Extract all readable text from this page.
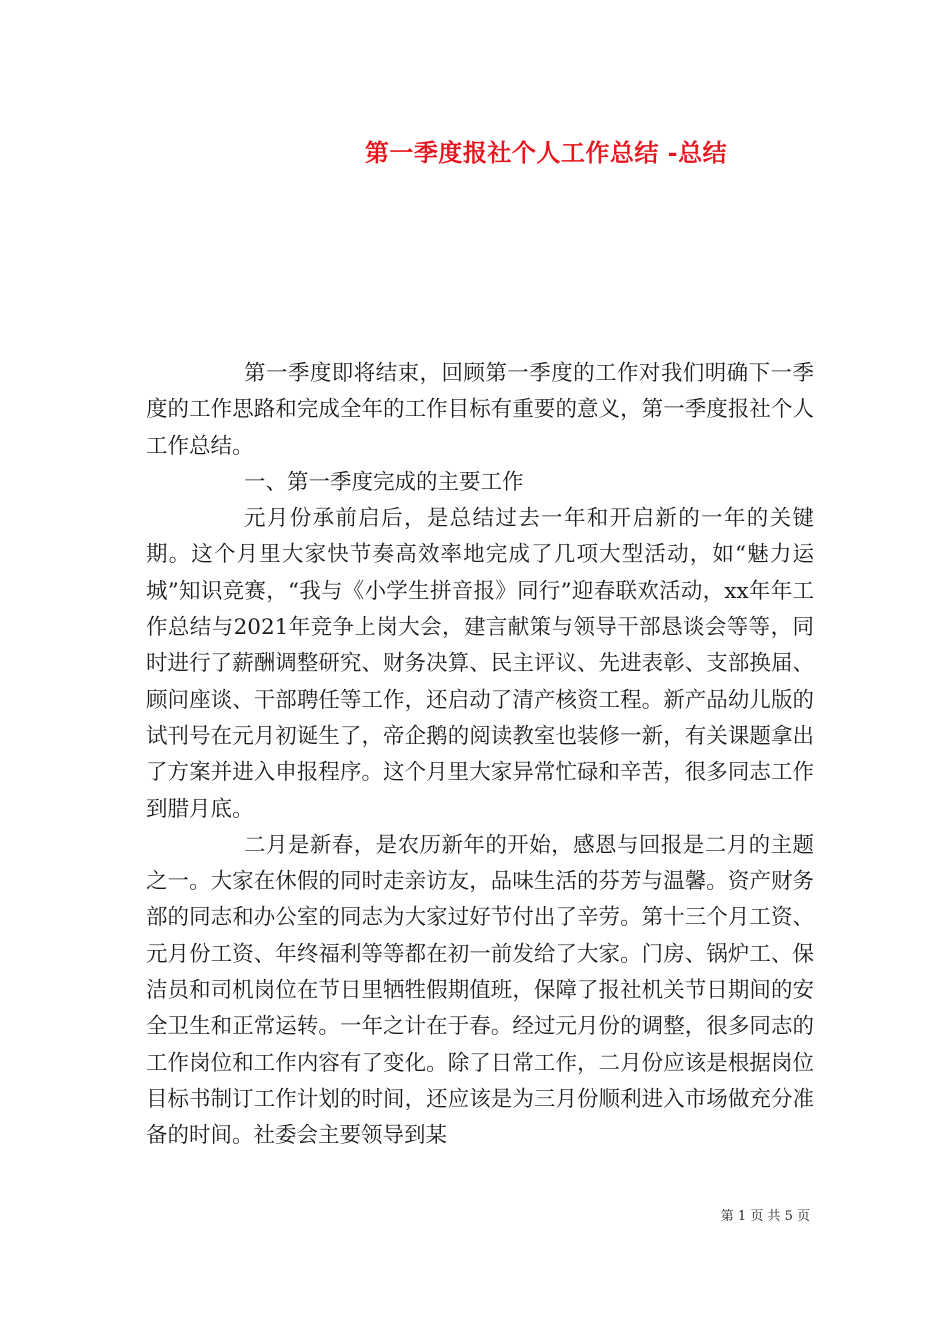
第一季度报社个人工作总结 -总结

第一季度即将结束，回顾第一季度的工作对我们明确下一季度的工作思路和完成全年的工作目标有重要的意义，第一季度报社个人工作总结。

一、第一季度完成的主要工作

元月份承前启后，是总结过去一年和开启新的一年的关键期。这个月里大家快节奏高效率地完成了几项大型活动，如“魅力运城”知识竞赛，“我与《小学生拼音报》同行”迎春联欢活动，xx年年工作总结与2021年竞争上岗大会，建言献策与领导干部恳谈会等等，同时进行了薪酬调整研究、财务决算、民主评议、先进表彰、支部换届、顾问座谈、干部聘任等工作，还启动了清产核资工程。新产品幼儿版的试刊号在元月初诞生了，帝企鹅的阅读教室也装修一新，有关课题拿出了方案并进入申报程序。这个月里大家异常忙碌和辛苦，很多同志工作到腊月底。

二月是新春，是农历新年的开始，感恩与回报是二月的主题之一。大家在休假的同时走亲访友，品味生活的芬芳与温馨。资产财务部的同志和办公室的同志为大家过好节付出了辛劳。第十三个月工资、元月份工资、年终福利等等都在初一前发给了大家。门房、锅炉工、保洁员和司机岗位在节日里牺牲假期值班，保障了报社机关节日期间的安全卫生和正常运转。一年之计在于春。经过元月份的调整，很多同志的工作岗位和工作内容有了变化。除了日常工作，二月份应该是根据岗位目标书制订工作计划的时间，还应该是为三月份顺利进入市场做充分准备的时间。社委会主要领导到某

第 1 页 共 5 页
